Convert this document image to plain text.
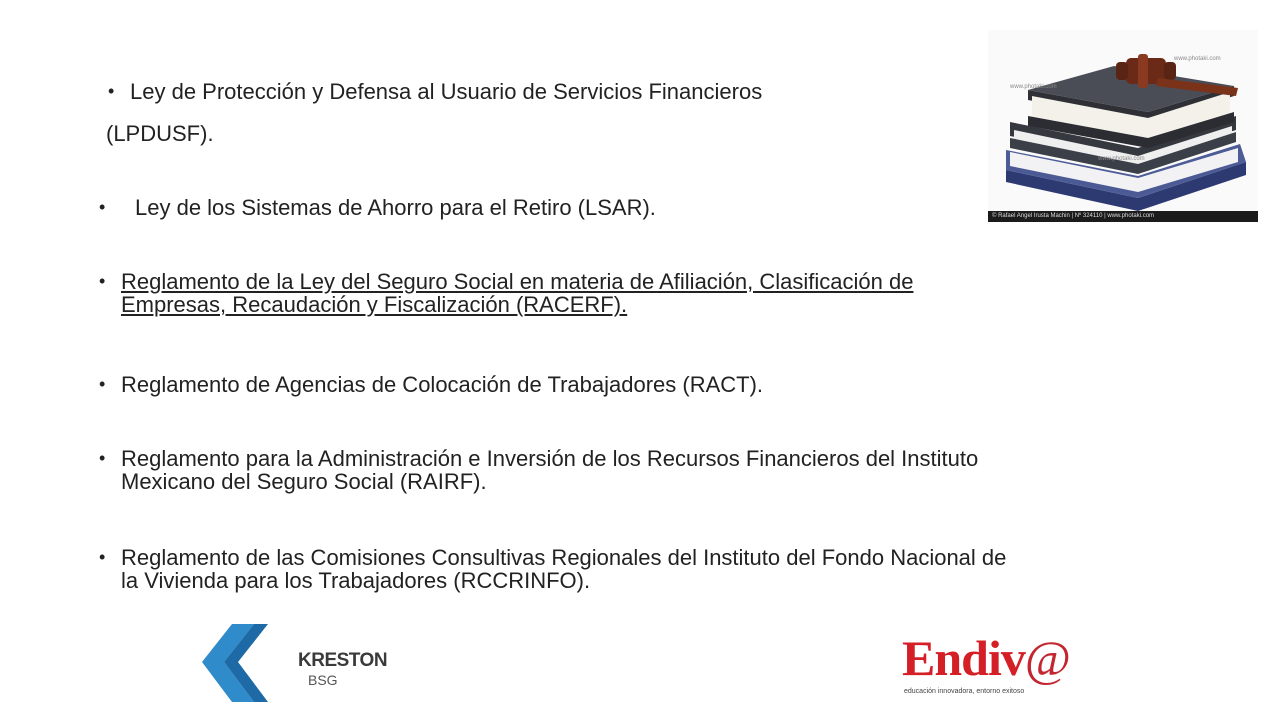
• Ley de Protección y Defensa al Usuario de Servicios Financieros
(LPDUSF).
• Ley de los Sistemas de Ahorro para el Retiro (LSAR).
• Reglamento de la Ley del Seguro Social en materia de Afiliación, Clasificación de
Empresas, Recaudación y Fiscalización (RACERF).
• Reglamento de Agencias de Colocación de Trabajadores (RACT).
• Reglamento para la Administración e Inversión de los Recursos Financieros del Instituto
Mexicano del Seguro Social (RAIRF).
• Reglamento de las Comisiones Consultivas Regionales del Instituto del Fondo Nacional de
la Vivienda para los Trabajadores (RCCRINFO).
www.photaki.com
www.photaki.com
www.photaki.com
© Rafael Angel Irusta Machin | Nº 324110 | www.photaki.com
KRESTON
BSG	Endiv@
educación innovadora, entorno exitoso
